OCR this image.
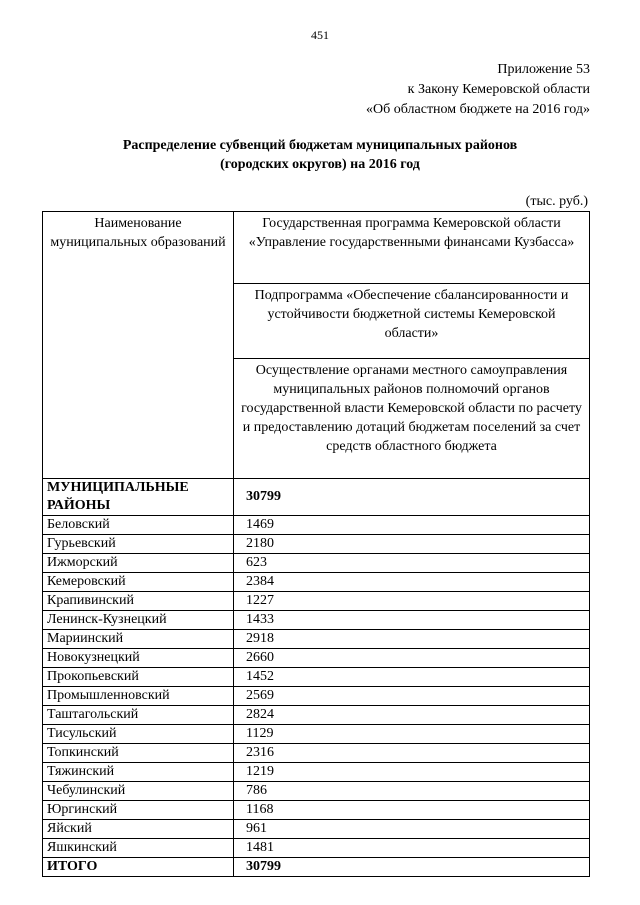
451
Приложение 53
к Закону Кемеровской области
«Об областном бюджете на 2016 год»
Распределение субвенций бюджетам муниципальных районов
(городских округов) на 2016 год
(тыс. руб.)
Наименование муниципальных образований	Государственная программа Кемеровской области «Управление государственными финансами Кузбасса»
	Подпрограмма «Обеспечение сбалансированности и устойчивости бюджетной системы Кемеровской области»
	Осуществление органами местного самоуправления муниципальных районов полномочий органов государственной власти Кемеровской области по расчету и предоставлению дотаций бюджетам поселений за счет средств областного бюджета
МУНИЦИПАЛЬНЫЕ РАЙОНЫ	30799
Беловский	1469
Гурьевский	2180
Ижморский	623
Кемеровский	2384
Крапивинский	1227
Ленинск-Кузнецкий	1433
Мариинский	2918
Новокузнецкий	2660
Прокопьевский	1452
Промышленновский	2569
Таштагольский	2824
Тисульский	1129
Топкинский	2316
Тяжинский	1219
Чебулинский	786
Юргинский	1168
Яйский	961
Яшкинский	1481
ИТОГО	30799
